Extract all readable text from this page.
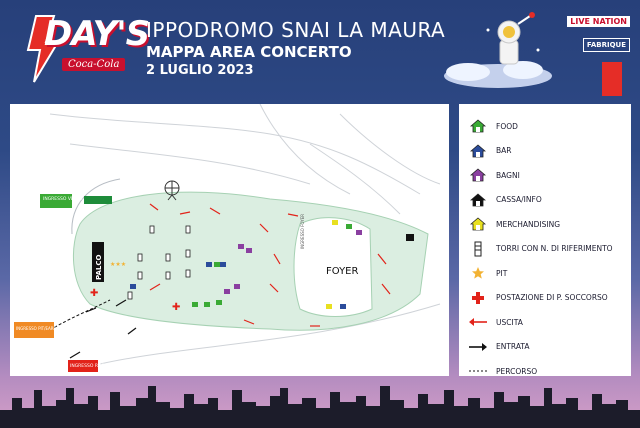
DAY'S
Coca-Cola
IPPODROMO SNAI LA MAURA
MAPPA AREA CONCERTO
2 LUGLIO 2023
LIVE NATION
FABRIQUE
FOYER
PALCO ★★★
✚
✚
INGRESSO VERDE
INGRESSO PIT/EARLY ENTRY
INGRESSO ROSSO
INGRESSO FOYER
FOOD
BAR
BAGNI
CASSA/INFO
MERCHANDISING
TORRI CON N. DI RIFERIMENTO
PIT
POSTAZIONE DI P. SOCCORSO
USCITA
ENTRATA
PERCORSO
